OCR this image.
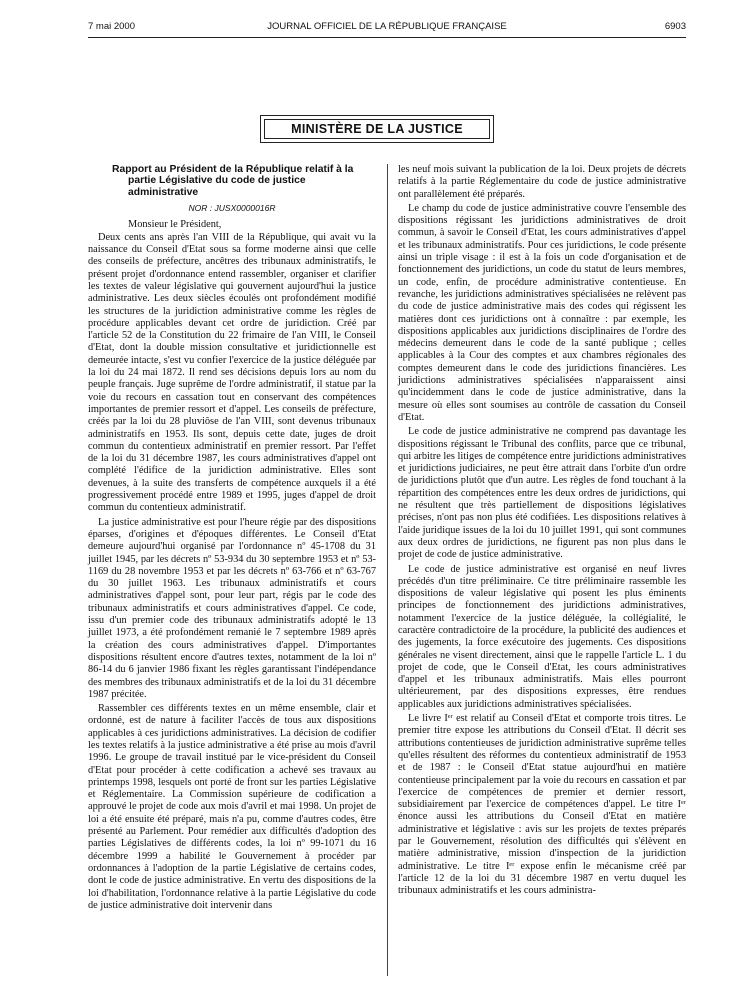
7 mai 2000	JOURNAL OFFICIEL DE LA RÉPUBLIQUE FRANÇAISE	6903
MINISTÈRE DE LA JUSTICE
Rapport au Président de la République relatif à la partie Législative du code de justice administrative
NOR : JUSX0000016R
Monsieur le Président,

Deux cents ans après l'an VIII de la République, qui avait vu la naissance du Conseil d'Etat sous sa forme moderne ainsi que celle des conseils de préfecture, ancêtres des tribunaux administratifs, le présent projet d'ordonnance entend rassembler, organiser et clarifier les textes de valeur législative qui gouvernent aujourd'hui la justice administrative. Les deux siècles écoulés ont profondément modifié les structures de la juridiction administrative comme les règles de procédure applicables devant cet ordre de juridiction. Créé par l'article 52 de la Constitution du 22 frimaire de l'an VIII, le Conseil d'Etat, dont la double mission consultative et juridictionnelle est demeurée intacte, s'est vu confier l'exercice de la justice déléguée par la loi du 24 mai 1872. Il rend ses décisions depuis lors au nom du peuple français. Juge suprême de l'ordre administratif, il statue par la voie du recours en cassation tout en conservant des compétences importantes de premier ressort et d'appel. Les conseils de préfecture, créés par la loi du 28 pluviôse de l'an VIII, sont devenus tribunaux administratifs en 1953. Ils sont, depuis cette date, juges de droit commun du contentieux administratif en premier ressort. Par l'effet de la loi du 31 décembre 1987, les cours administratives d'appel ont complété l'édifice de la juridiction administrative. Elles sont devenues, à la suite des transferts de compétence auxquels il a été progressivement procédé entre 1989 et 1995, juges d'appel de droit commun du contentieux administratif.

La justice administrative est pour l'heure régie par des dispositions éparses, d'origines et d'époques différentes. Le Conseil d'Etat demeure aujourd'hui organisé par l'ordonnance nº 45-1708 du 31 juillet 1945, par les décrets nº 53-934 du 30 septembre 1953 et nº 53-1169 du 28 novembre 1953 et par les décrets nº 63-766 et nº 63-767 du 30 juillet 1963. Les tribunaux administratifs et cours administratives d'appel sont, pour leur part, régis par le code des tribunaux administratifs et cours administratives d'appel. Ce code, issu d'un premier code des tribunaux administratifs adopté le 13 juillet 1973, a été profondément remanié le 7 septembre 1989 après la création des cours administratives d'appel. D'importantes dispositions résultent encore d'autres textes, notamment de la loi nº 86-14 du 6 janvier 1986 fixant les règles garantissant l'indépendance des membres des tribunaux administratifs et de la loi du 31 décembre 1987 précitée.

Rassembler ces différents textes en un même ensemble, clair et ordonné, est de nature à faciliter l'accès de tous aux dispositions applicables à ces juridictions administratives. La décision de codifier les textes relatifs à la justice administrative a été prise au mois d'avril 1996. Le groupe de travail institué par le vice-président du Conseil d'Etat pour procéder à cette codification a achevé ses travaux au printemps 1998, lesquels ont porté de front sur les parties Législative et Réglementaire. La Commission supérieure de codification a approuvé le projet de code aux mois d'avril et mai 1998. Un projet de loi a été ensuite été préparé, mais n'a pu, comme d'autres codes, être présenté au Parlement. Pour remédier aux difficultés d'adoption des parties Législatives de différents codes, la loi nº 99-1071 du 16 décembre 1999 a habilité le Gouvernement à procéder par ordonnances à l'adoption de la partie Législative de certains codes, dont le code de justice administrative. En vertu des dispositions de la loi d'habilitation, l'ordonnance relative à la partie Législative du code de justice administrative doit intervenir dans

les neuf mois suivant la publication de la loi. Deux projets de décrets relatifs à la partie Réglementaire du code de justice administrative ont parallèlement été préparés.

Le champ du code de justice administrative couvre l'ensemble des dispositions régissant les juridictions administratives de droit commun, à savoir le Conseil d'Etat, les cours administratives d'appel et les tribunaux administratifs. Pour ces juridictions, le code présente ainsi un triple visage : il est à la fois un code d'organisation et de fonctionnement des juridictions, un code du statut de leurs membres, un code, enfin, de procédure administrative contentieuse. En revanche, les juridictions administratives spécialisées ne relèvent pas du code de justice administrative mais des codes qui régissent les matières dont ces juridictions ont à connaître : par exemple, les dispositions applicables aux juridictions disciplinaires de l'ordre des médecins demeurent dans le code de la santé publique ; celles applicables à la Cour des comptes et aux chambres régionales des comptes demeurent dans le code des juridictions financières. Les juridictions administratives spécialisées n'apparaissent ainsi qu'incidemment dans le code de justice administrative, dans la mesure où elles sont soumises au contrôle de cassation du Conseil d'Etat.

Le code de justice administrative ne comprend pas davantage les dispositions régissant le Tribunal des conflits, parce que ce tribunal, qui arbitre les litiges de compétence entre juridictions administratives et juridictions judiciaires, ne peut être attrait dans l'orbite d'un ordre de juridictions plutôt que d'un autre. Les règles de fond touchant à la répartition des compétences entre les deux ordres de juridictions, qui ne résultent que très partiellement de dispositions législatives précises, n'ont pas non plus été codifiées. Les dispositions relatives à l'aide juridique issues de la loi du 10 juillet 1991, qui sont communes aux deux ordres de juridictions, ne figurent pas non plus dans le projet de code de justice administrative.

Le code de justice administrative est organisé en neuf livres précédés d'un titre préliminaire. Ce titre préliminaire rassemble les dispositions de valeur législative qui posent les plus éminents principes de fonctionnement des juridictions administratives, notamment l'exercice de la justice déléguée, la collégialité, le caractère contradictoire de la procédure, la publicité des audiences et des jugements, la force exécutoire des jugements. Ces dispositions générales ne visent directement, ainsi que le rappelle l'article L. 1 du projet de code, que le Conseil d'Etat, les cours administratives d'appel et les tribunaux administratifs. Mais elles pourront ultérieurement, par des dispositions expresses, être rendues applicables aux juridictions administratives spécialisées.

Le livre Iᵉʳ est relatif au Conseil d'Etat et comporte trois titres. Le premier titre expose les attributions du Conseil d'Etat. Il décrit ses attributions contentieuses de juridiction administrative suprême telles qu'elles résultent des réformes du contentieux administratif de 1953 et de 1987 : le Conseil d'Etat statue aujourd'hui en matière contentieuse principalement par la voie du recours en cassation et par l'exercice de compétences de premier et dernier ressort, subsidiairement par l'exercice de compétences d'appel. Le titre Iᵉʳ énonce aussi les attributions du Conseil d'Etat en matière administrative et législative : avis sur les projets de textes préparés par le Gouvernement, résolution des difficultés qui s'élèvent en matière administrative, mission d'inspection de la juridiction administrative. Le titre Iᵉʳ expose enfin le mécanisme créé par l'article 12 de la loi du 31 décembre 1987 en vertu duquel les tribunaux administratifs et les cours administra-
